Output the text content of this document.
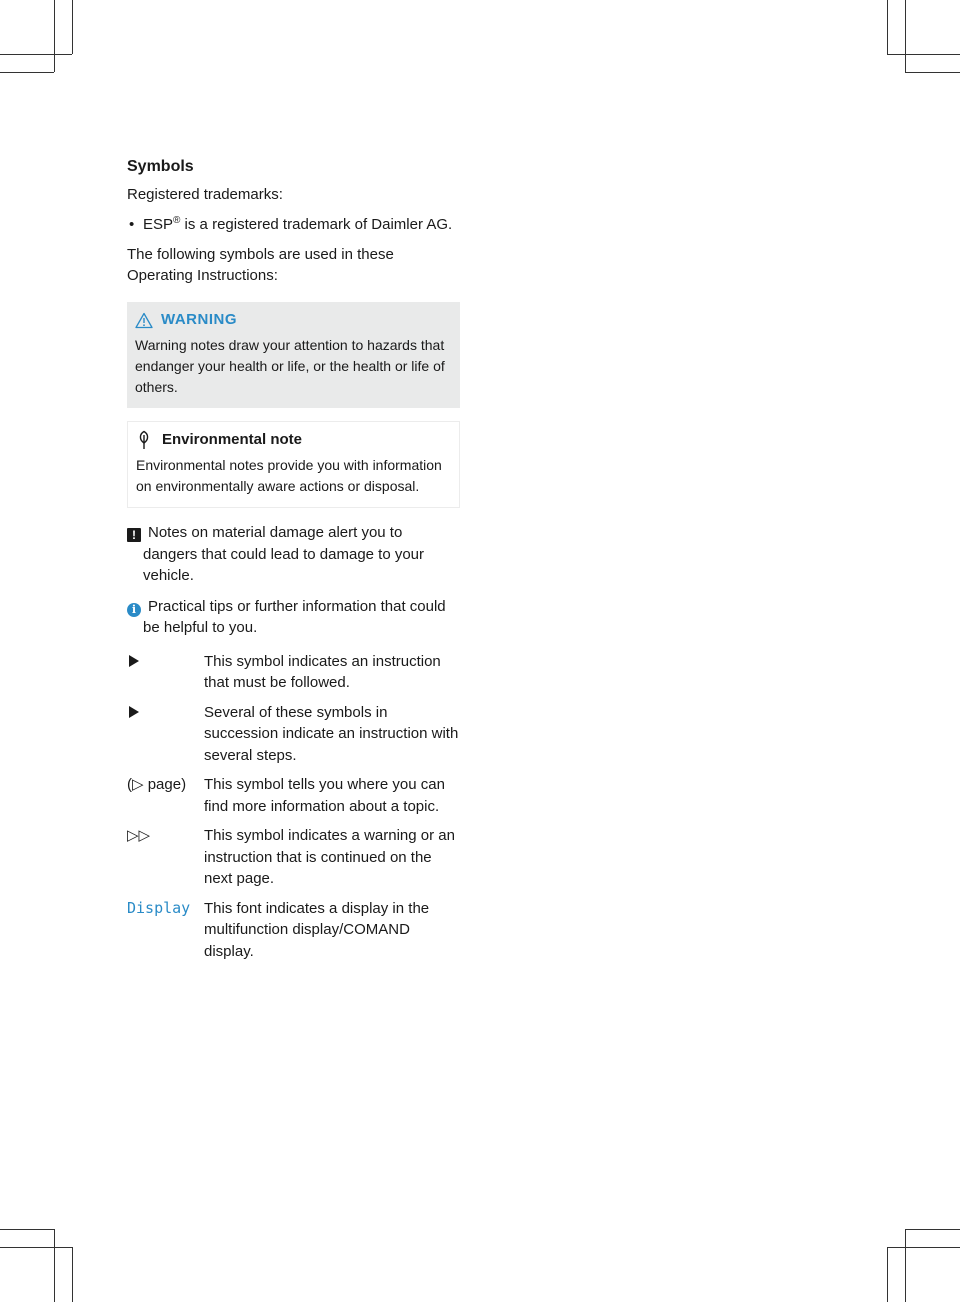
Symbols
Registered trademarks:
• ESP® is a registered trademark of Daimler AG.
The following symbols are used in these Operating Instructions:
WARNING
Warning notes draw your attention to hazards that endanger your health or life, or the health or life of others.
Environmental note
Environmental notes provide you with information on environmentally aware actions or disposal.
! Notes on material damage alert you to dangers that could lead to damage to your vehicle.
i Practical tips or further information that could be helpful to you.
This symbol indicates an instruction that must be followed.
Several of these symbols in succession indicate an instruction with several steps.
(▷ page)	This symbol tells you where you can find more information about a topic.
▷▷	This symbol indicates a warning or an instruction that is continued on the next page.
Display This font indicates a display in the multifunction display/COMAND display.
